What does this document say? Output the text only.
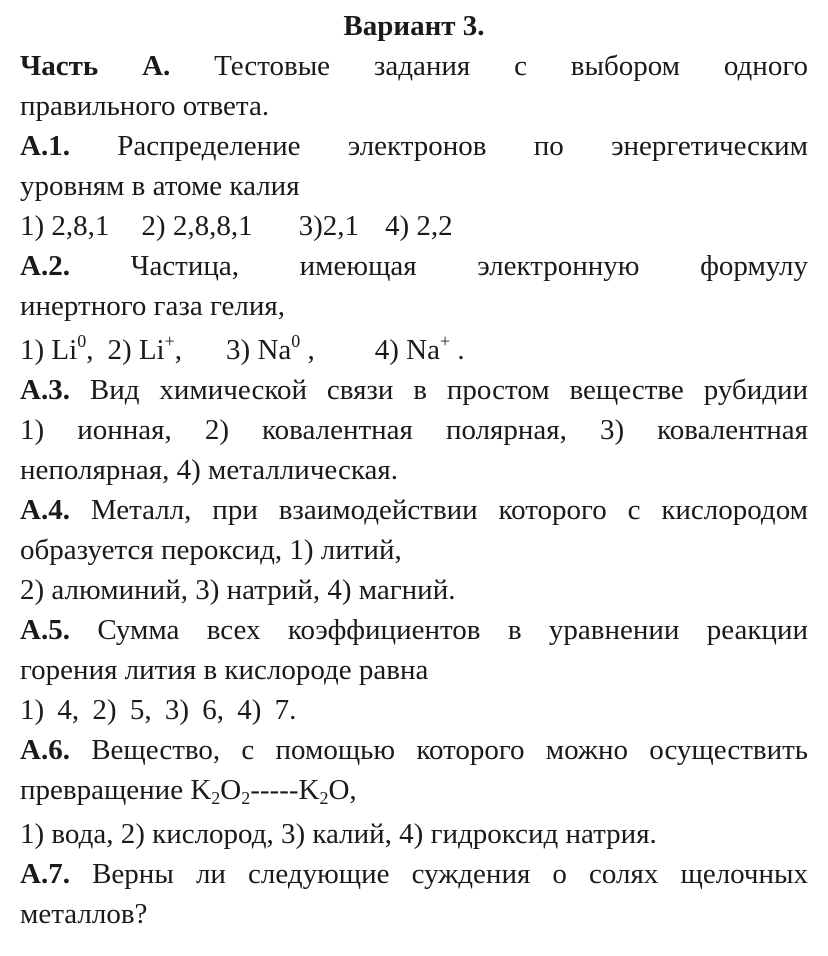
Вариант 3.

Часть А. Тестовые задания с выбором одного

правильного ответа.

А.1. Распределение электронов по энергетическим

уровням в атоме калия

1) 2,8,1 2) 2,8,8,1 3)2,1 4) 2,2

А.2. Частица, имеющая электронную формулу

инертного газа гелия,

1) Li$^0$, 2) Li+, 3) Na$^0$ , 4) Na+ .

А.3. Вид химической связи в простом веществе рубидии

1) ионная, 2) ковалентная полярная, 3) ковалентная

неполярная, 4) металлическая.

А.4. Металл, при взаимодействии которого с кислородом

образуется пероксид, 1) литий,

2) алюминий, 3) натрий, 4) магний.

А.5. Сумма всех коэффициентов в уравнении реакции

горения лития в кислороде равна

1) 4, 2) 5, 3) 6, 4) 7.

А.6. Вещество, с помощью которого можно осуществить

превращение $K_2O_2-----K_2O$,

1) вода, 2) кислород, 3) калий, 4) гидроксид натрия.

А.7. Верны ли следующие суждения о солях щелочных

металлов?
